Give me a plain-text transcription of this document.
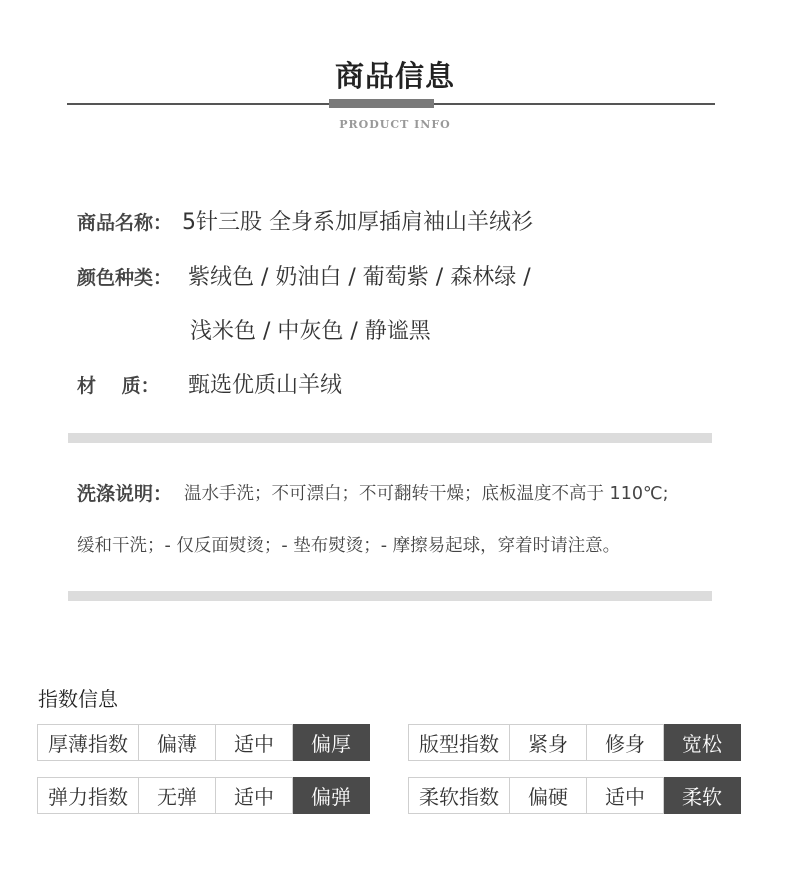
商品信息
PRODUCT INFO
商品名称： 5针三股 全身系加厚插肩袖山羊绒衫
颜色种类： 紫绒色 / 奶油白 / 葡萄紫 / 森林绿 /
浅米色 / 中灰色 / 静谧黑
材　 质： 甄选优质山羊绒
洗涤说明： 温水手洗；不可漂白；不可翻转干燥；底板温度不高于 110℃;
缓和干洗；- 仅反面熨烫；- 垫布熨烫；- 摩擦易起球，穿着时请注意。
指数信息
厚薄指数	偏薄	适中	偏厚	版型指数	紧身	修身	宽松
弹力指数	无弹	适中	偏弹	柔软指数	偏硬	适中	柔软
